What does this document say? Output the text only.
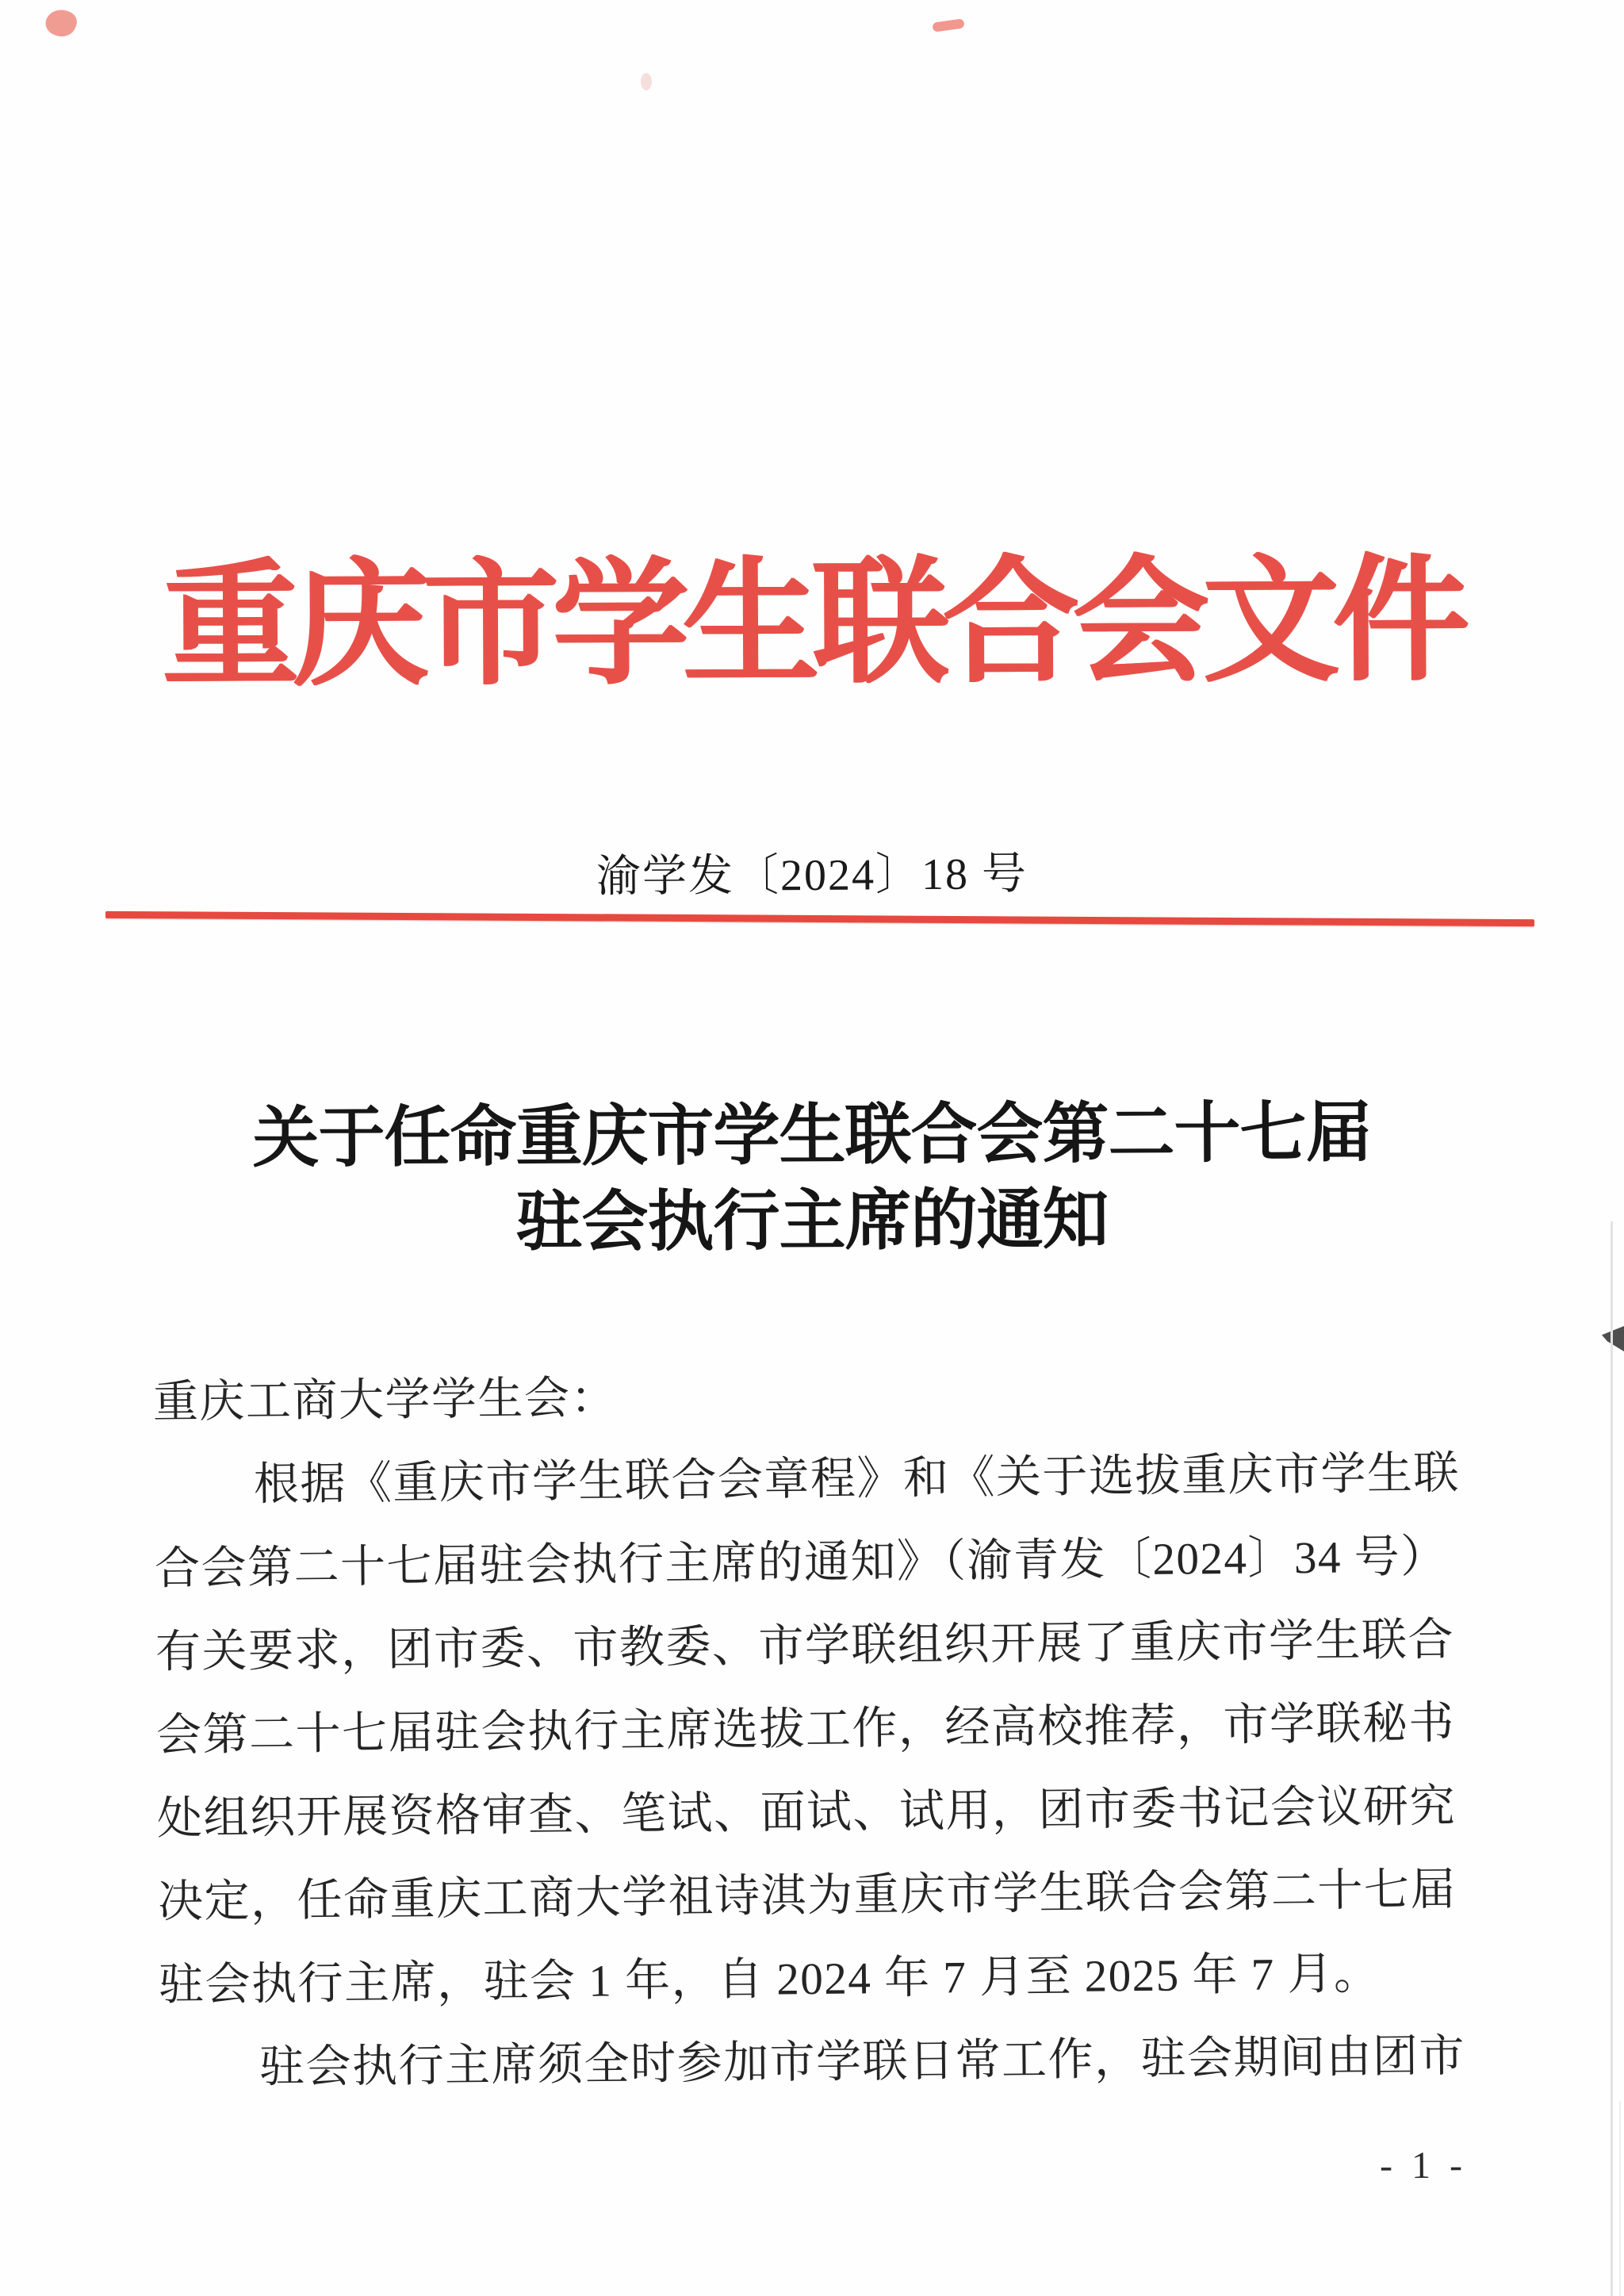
重庆市学生联合会文件
渝学发〔2024〕18 号
关于任命重庆市学生联合会第二十七届
驻会执行主席的通知
重庆工商大学学生会：
根据《重庆市学生联合会章程》和《关于选拔重庆市学生联
合会第二十七届驻会执行主席的通知》（渝青发〔2024〕34 号）
有关要求，团市委、市教委、市学联组织开展了重庆市学生联合
会第二十七届驻会执行主席选拔工作，经高校推荐，市学联秘书
处组织开展资格审查、笔试、面试、试用，团市委书记会议研究
决定，任命重庆工商大学祖诗淇为重庆市学生联合会第二十七届
驻会执行主席，驻会 1 年，自 2024 年 7 月至 2025 年 7 月。
驻会执行主席须全时参加市学联日常工作，驻会期间由团市
- 1 -
